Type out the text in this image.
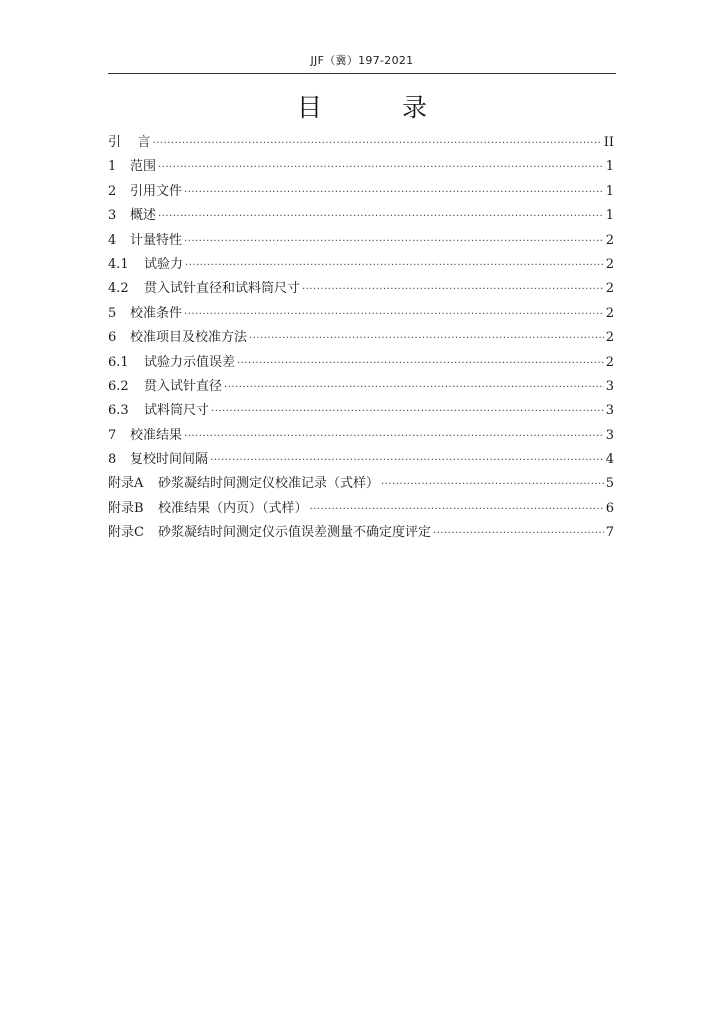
JJF（冀）197-2021
目 录
引    言 ·····	II
1	范围 ·····	1
2	引用文件 ·····	1
3	概述 ·····	1
4	计量特性 ·····	2
4.1	试验力 ·····	2
4.2	贯入试针直径和试料筒尺寸 ·····	2
5	校准条件 ·····	2
6	校准项目及校准方法 ·····	2
6.1	试验力示值误差 ·····	2
6.2	贯入试针直径 ·····	3
6.3	试料筒尺寸 ·····	3
7	校准结果 ·····	3
8	复校时间间隔 ·····	4
附录A	砂浆凝结时间测定仪校准记录（式样） ·····	5
附录B	校准结果（内页）（式样） ·····	6
附录C	砂浆凝结时间测定仪示值误差测量不确定度评定 ·····	7
